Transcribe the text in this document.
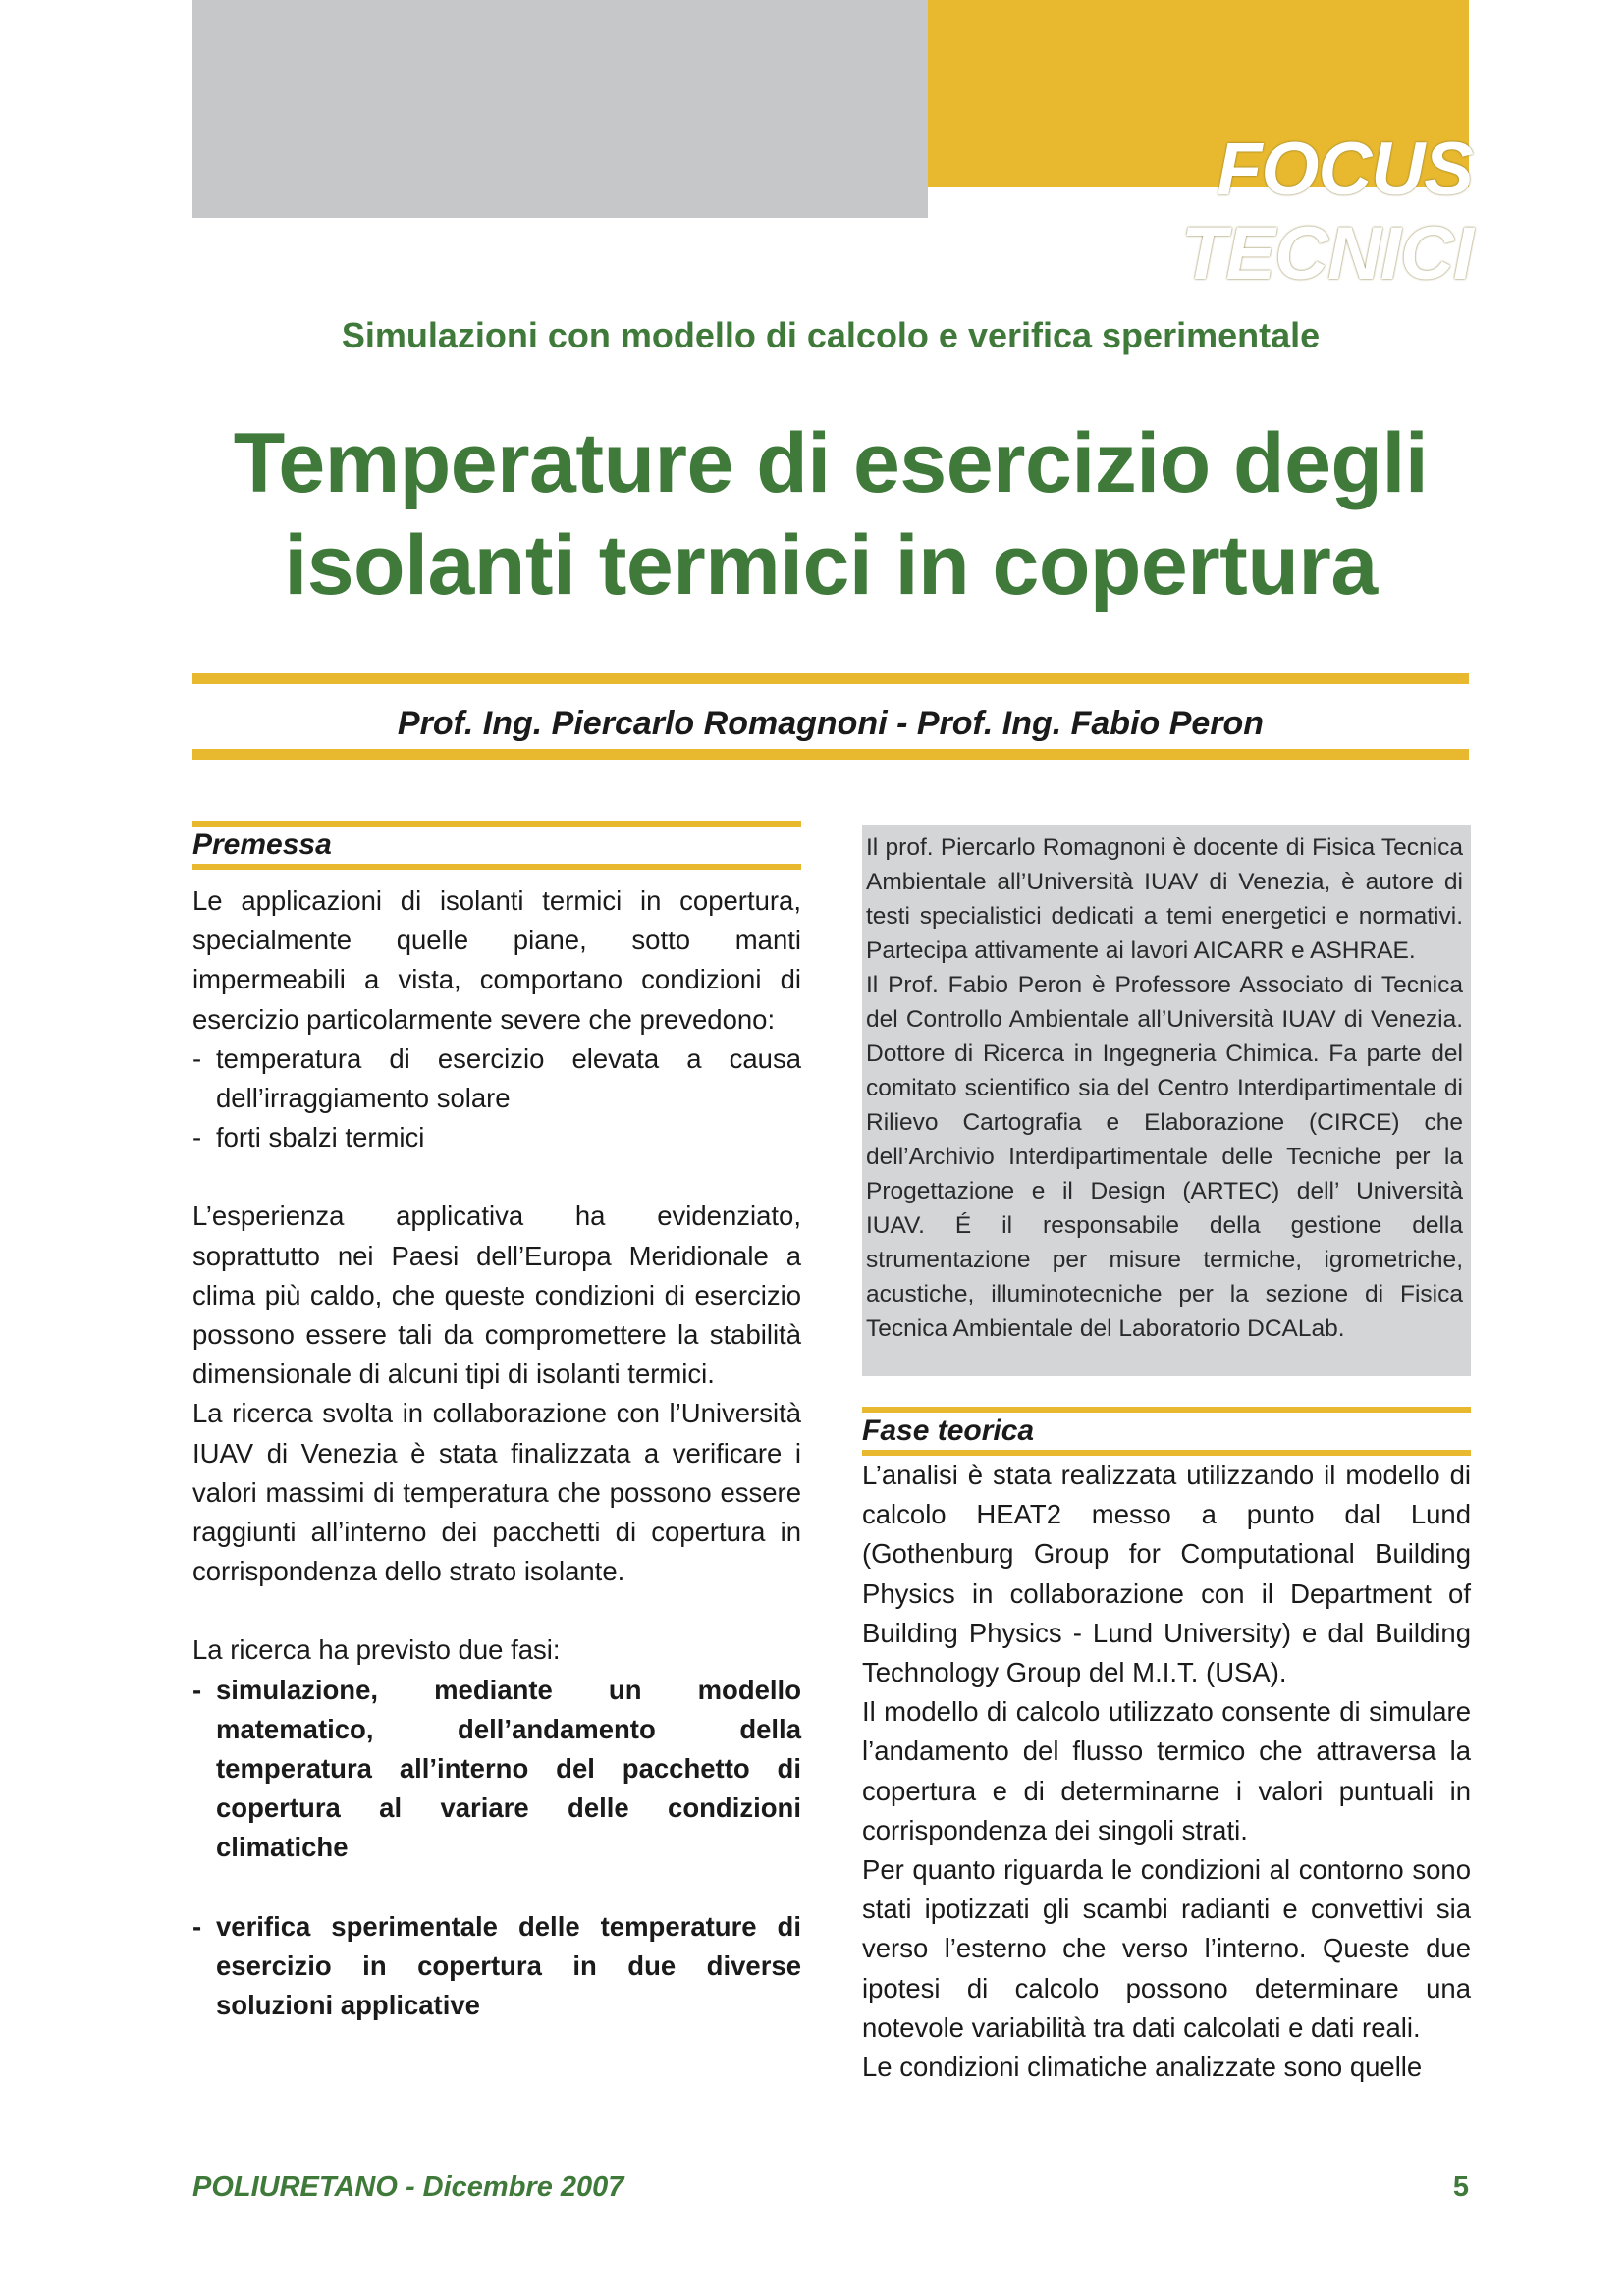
FOCUS TECNICI
Simulazioni con modello di calcolo e verifica sperimentale
Temperature di esercizio degli
isolanti termici in copertura
Prof. Ing. Piercarlo Romagnoni - Prof. Ing. Fabio Peron
Premessa

Le applicazioni di isolanti termici in copertura, specialmente quelle piane, sotto manti impermeabili a vista, comportano condizioni di esercizio particolarmente severe che prevedono:

- temperatura di esercizio elevata a causa dell’irraggiamento solare
- forti sbalzi termici

L’esperienza applicativa ha evidenziato, soprattutto nei Paesi dell’Europa Meridionale a clima più caldo, che queste condizioni di esercizio possono essere tali da compromettere la stabilità dimensionale di alcuni tipi di isolanti termici.

La ricerca svolta in collaborazione con l’Università IUAV di Venezia è stata finalizzata a verificare i valori massimi di temperatura che possono essere raggiunti all’interno dei pacchetti di copertura in corrispondenza dello strato isolante.

La ricerca ha previsto due fasi:

- simulazione, mediante un modello matematico, dell’andamento della temperatura all’interno del pacchetto di copertura al variare delle condizioni climatiche
- verifica sperimentale delle temperature di esercizio in copertura in due diverse soluzioni applicative

Il prof. Piercarlo Romagnoni è docente di Fisica Tecnica Ambientale all’Università IUAV di Venezia, è autore di testi specialistici dedicati a temi energetici e normativi. Partecipa attivamente ai lavori AICARR e ASHRAE.

Il Prof. Fabio Peron è Professore Associato di Tecnica del Controllo Ambientale all’Università IUAV di Venezia. Dottore di Ricerca in Ingegneria Chimica. Fa parte del comitato scientifico sia del Centro Interdipartimentale di Rilievo Cartografia e Elaborazione (CIRCE) che dell’Archivio Interdipartimentale delle Tecniche per la Progettazione e il Design (ARTEC) dell’ Università IUAV. É il responsabile della gestione della strumentazione per misure termiche, igrometriche, acustiche, illuminotecniche per la sezione di Fisica Tecnica Ambientale del Laboratorio DCALab.

Fase teorica

L’analisi è stata realizzata utilizzando il modello di calcolo HEAT2 messo a punto dal Lund (Gothenburg Group for Computational Building Physics in collaborazione con il Department of Building Physics - Lund University) e dal Building Technology Group del M.I.T. (USA).

Il modello di calcolo utilizzato consente di simulare l’andamento del flusso termico che attraversa la copertura e di determinarne i valori puntuali in corrispondenza dei singoli strati.

Per quanto riguarda le condizioni al contorno sono stati ipotizzati gli scambi radianti e convettivi sia verso l’esterno che verso l’interno. Queste due ipotesi di calcolo possono determinare una notevole variabilità tra dati calcolati e dati reali.

Le condizioni climatiche analizzate sono quelle

POLIURETANO - Dicembre 2007	5
